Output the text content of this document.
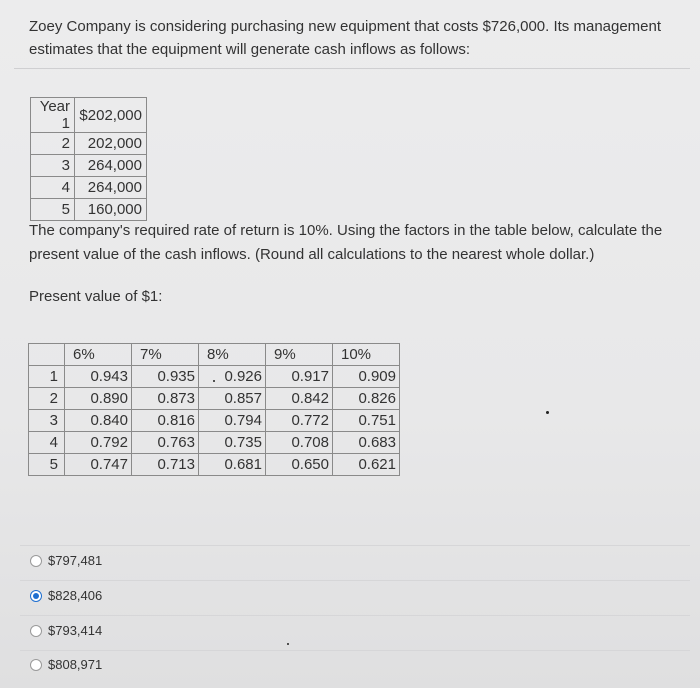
Zoey Company is considering purchasing new equipment that costs $726,000. Its management estimates that the equipment will generate cash inflows as follows:
Year 1	$202,000
2	202,000
3	264,000
4	264,000
5	160,000
The company's required rate of return is 10%. Using the factors in the table below, calculate the present value of the cash inflows. (Round all calculations to the nearest whole dollar.)
Present value of $1:
	6%	7%	8%	9%	10%
1	0.943	0.935	0.926	0.917	0.909
2	0.890	0.873	0.857	0.842	0.826
3	0.840	0.816	0.794	0.772	0.751
4	0.792	0.763	0.735	0.708	0.683
5	0.747	0.713	0.681	0.650	0.621
$797,481
$828,406
$793,414
$808,971
